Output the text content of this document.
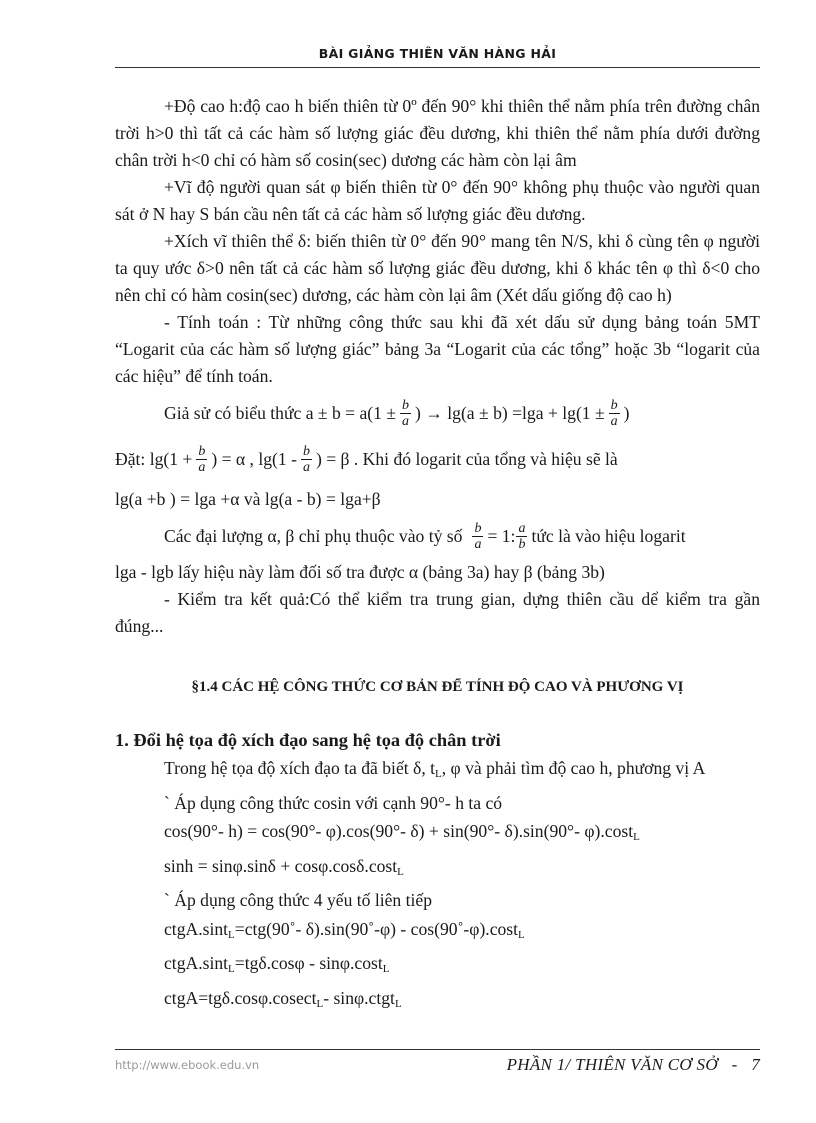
BÀI GIẢNG THIÊN VĂN HÀNG HẢI

+Độ cao h:độ cao h biến thiên từ 0º đến 90° khi thiên thể nằm phía trên đường chân trời h>0 thì tất cả các hàm số lượng giác đều dương, khi thiên thể nằm phía dưới đường chân trời h<0 chỉ có hàm số cosin(sec) dương các hàm còn lại âm

+Vĩ độ người quan sát φ biến thiên từ 0° đến 90° không phụ thuộc vào người quan sát ở N hay S bán cầu nên tất cả các hàm số lượng giác đều dương.

+Xích vĩ thiên thể δ: biến thiên từ 0° đến 90° mang tên N/S, khi δ cùng tên φ người ta quy ước δ>0 nên tất cả các hàm số lượng giác đều dương, khi δ khác tên φ thì δ<0 cho nên chỉ có hàm cosin(sec) dương, các hàm còn lại âm (Xét dấu giống độ cao h)

- Tính toán : Từ những công thức sau khi đã xét dấu sử dụng bảng toán 5MT “Logarit của các hàm số lượng giác” bảng 3a “Logarit của các tổng” hoặc 3b “logarit của các hiệu” để tính toán.

Giả sử có biểu thức $a \pm b = a(1 \pm \frac{b}{a}$ ) → $\lg(a \pm b) =\lg a + \lg(1 \pm \frac{b}{a}$ )
Đặt: $\lg(1 + \frac{b}{a}$ ) = α , $\lg(1 - \frac{b}{a}$ ) = β . Khi đó logarit của tổng và hiệu sẽ là

lg(a +b ) = lga +α và lg(a - b) = lga+β

Các đại lượng α, β chỉ phụ thuộc vào tỷ số $\frac{b}{a} = 1$: $\frac{a}{b}$ tức là vào hiệu logarit

lga - lgb lấy hiệu này làm đối số tra được α (bảng 3a) hay β (bảng 3b)

- Kiểm tra kết quả:Có thể kiểm tra trung gian, dựng thiên cầu dể kiểm tra gần đúng...

§1.4 CÁC HỆ CÔNG THỨC CƠ BẢN ĐỂ TÍNH ĐỘ CAO VÀ PHƯƠNG VỊ
1. Đổi hệ tọa độ xích đạo sang hệ tọa độ chân trời
Trong hệ tọa độ xích đạo ta đã biết δ, $t_L$, φ và phải tìm độ cao h, phương vị A
` Áp dụng công thức cosin với cạnh 90°- h ta có
cos(90°- h) = cos(90°- φ).cos(90°- δ) + sin(90°- δ).sin(90°- φ).cost$_L$
sinh = sinφ.sinδ + cosφ.cosδ.cost$_L$
` Áp dụng công thức 4 yếu tố liên tiếp
ctgA.sint$_L$=ctg(90˚- δ).sin(90˚-φ) - cos(90˚-φ).cost$_L$
ctgA.sint$_L$=tgδ.cosφ - sinφ.cost$_L$
ctgA=tgδ.cosφ.cosect$_L$- sinφ.ctgt$_L$
http://www.ebook.edu.vn	PHẦN 1/ THIÊN VĂN CƠ SỞ   -   7
